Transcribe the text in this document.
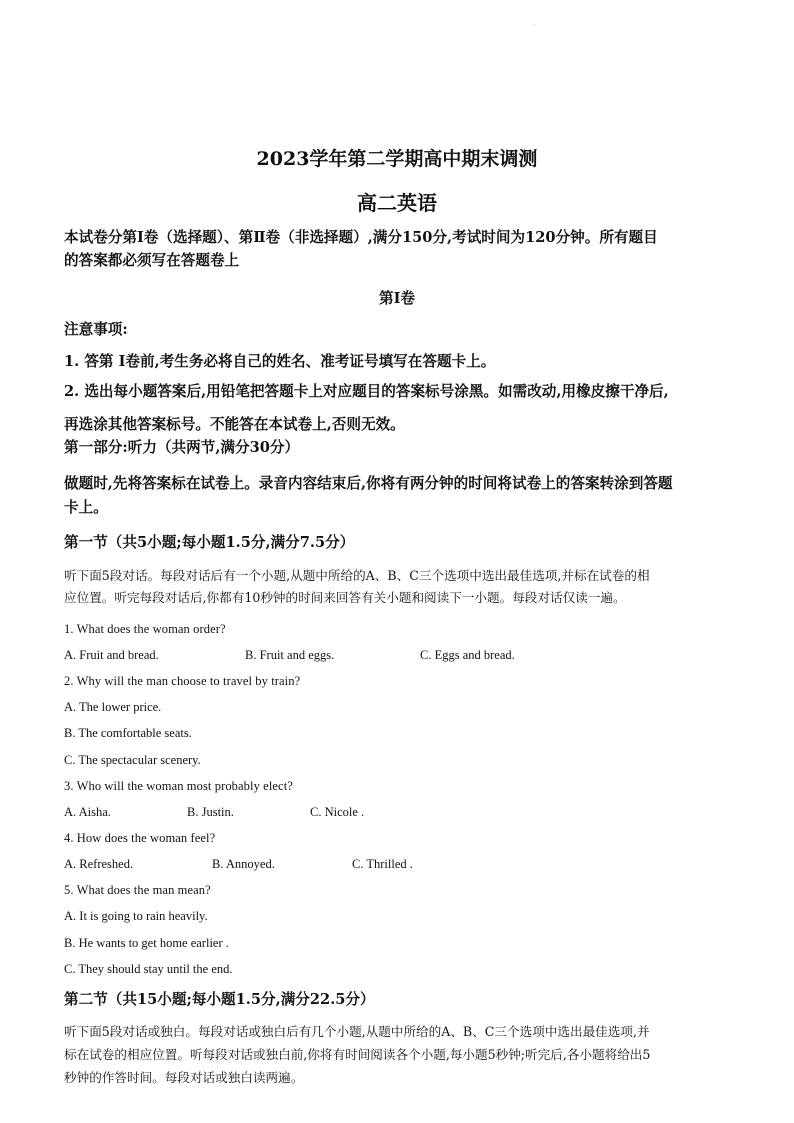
·
2023学年第二学期高中期末调测
高二英语
本试卷分第Ⅰ卷（选择题）、第Ⅱ卷（非选择题）,满分150分,考试时间为120分钟。所有题目
的答案都必须写在答题卷上
第Ⅰ卷
注意事项:
1. 答第 Ⅰ卷前,考生务必将自己的姓名、准考证号填写在答题卡上。
2. 选出每小题答案后,用铅笔把答题卡上对应题目的答案标号涂黑。如需改动,用橡皮擦干净后,
再选涂其他答案标号。不能答在本试卷上,否则无效。
第一部分:听力（共两节,满分30分）
做题时,先将答案标在试卷上。录音内容结束后,你将有两分钟的时间将试卷上的答案转涂到答题
卡上。
第一节（共5小题;每小题1.5分,满分7.5分）
听下面5段对话。每段对话后有一个小题,从题中所给的A、B、C三个选项中选出最佳选项,并标在试卷的相
应位置。听完每段对话后,你都有10秒钟的时间来回答有关小题和阅读下一小题。每段对话仅读一遍。
1. What does the woman order?
A. Fruit and bread.	B. Fruit and eggs.	C. Eggs and bread.
2. Why will the man choose to travel by train?
A. The lower price.
B. The comfortable seats.
C. The spectacular scenery.
3. Who will the woman most probably elect?
A. Aisha.	B. Justin.	C. Nicole .
4. How does the woman feel?
A. Refreshed.	B. Annoyed.	C. Thrilled .
5. What does the man mean?
A. It is going to rain heavily.
B. He wants to get home earlier .
C. They should stay until the end.
第二节（共15小题;每小题1.5分,满分22.5分）
听下面5段对话或独白。每段对话或独白后有几个小题,从题中所给的A、B、C三个选项中选出最佳选项,并
标在试卷的相应位置。听每段对话或独白前,你将有时间阅读各个小题,每小题5秒钟;听完后,各小题将给出5
秒钟的作答时间。每段对话或独白读两遍。
